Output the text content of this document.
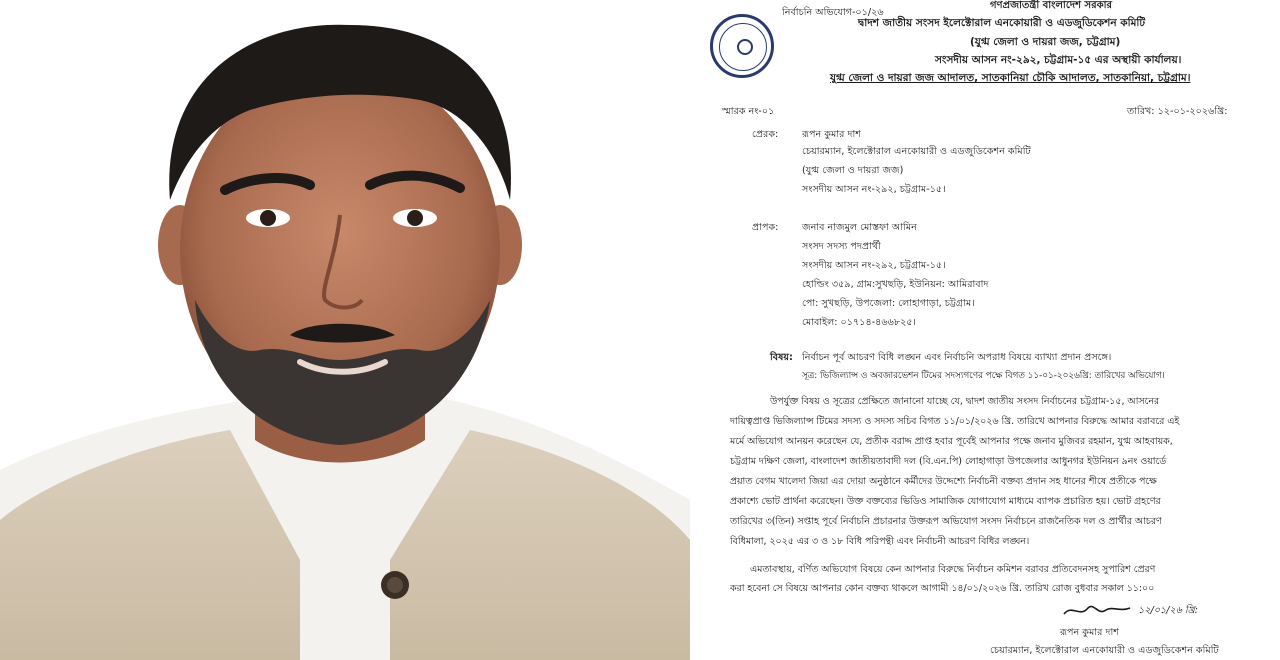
নির্বাচনি অভিযোগ-০১/২৬
গণপ্রজাতন্ত্রী বাংলাদেশ সরকার
দ্বাদশ জাতীয় সংসদ ইলেক্টোরাল এনকোয়ারী ও এডজুডিকেশন কমিটি
(যুগ্ম জেলা ও দায়রা জজ, চট্টগ্রাম)
সংসদীয় আসন নং-২৯২, চট্টগ্রাম-১৫ এর অস্থায়ী কার্যালয়।
যুগ্ম জেলা ও দায়রা জজ আদালত, সাতকানিয়া চৌকি আদালত, সাতকানিয়া, চট্টগ্রাম।
স্মারক নং-০১	তারিখ: ১২-০১-২০২৬খ্রি:
প্রেরক: রূপন কুমার দাশ
চেয়ারম্যান, ইলেক্টোরাল এনকোয়ারী ও এডজুডিকেশন কমিটি
(যুগ্ম জেলা ও দায়রা জজ)
সংসদীয় আসন নং-২৯২, চট্টগ্রাম-১৫।
প্রাপক: জনাব নাজমুল মোস্তফা আমিন
সংসদ সদস্য পদপ্রার্থী
সংসদীয় আসন নং-২৯২, চট্টগ্রাম-১৫।
হোল্ডিং ৩৫৯, গ্রাম:সুখছড়ি, ইউনিয়ন: আমিরাবাদ
পো: সুখছড়ি, উপজেলা: লোহাগাড়া, চট্টগ্রাম।
মোবাইল: ০১৭১৪-৪৬৬৮২৫।
বিষয়: নির্বাচন পূর্ব আচরণ বিধি লঙ্ঘন এবং নির্বাচনি অপরাধ বিষয়ে ব্যাখ্যা প্রদান প্রসঙ্গে।
সূত্র: ভিজিল্যান্স ও অবজারভেশন টিমের সদস্যগণের পক্ষে বিগত ১১-০১-২০২৬খ্রি: তারিখের অভিযোগ।
উপর্যুক্ত বিষয় ও সূত্রের প্রেক্ষিতে জানানো যাচ্ছে যে, দ্বাদশ জাতীয় সংসদ নির্বাচনের চট্টগ্রাম-১৫, আসনের
দায়িত্বপ্রাপ্ত ভিজিল্যান্স টিমের সদস্য ও সদস্য সচিব বিগত ১১/০১/২০২৬ খ্রি. তারিখে আপনার বিরুদ্ধে আমার বরাবরে এই
মর্মে অভিযোগ আনয়ন করেছেন যে, প্রতীক বরাদ্দ প্রাপ্ত হবার পূর্বেই আপনার পক্ষে জনাব মুজিবর রহমান, যুগ্ম আহবায়ক,
চট্টগ্রাম দক্ষিণ জেলা, বাংলাদেশ জাতীয়তাবাদী দল (বি.এন.পি) লোহাগাড়া উপজেলার আধুনগর ইউনিয়ন ৯নং ওয়ার্ডে
প্রয়াত বেগম খালেদা জিয়া এর দোয়া অনুষ্ঠানে কর্মীদের উদ্দেশ্যে নির্বাচনী বক্তব্য প্রদান সহ ধানের শীষে প্রতীকে পক্ষে
প্রকাশ্যে ভোট প্রার্থনা করেছেন। উক্ত বক্তব্যের ভিডিও সামাজিক যোগাযোগ মাধ্যমে ব্যাপক প্রচারিত হয়। ভোট গ্রহণের
তারিখের ৩(তিন) সপ্তাহ পূর্বে নির্বাচনি প্রচারনার উক্তরূপ অভিযোগ সংসদ নির্বাচনে রাজনৈতিক দল ও প্রার্থীর আচরণ
বিধিমালা, ২০২৫ এর ৩ ও ১৮ বিধি পরিপন্থী এবং নির্বাচনী আচরণ বিধির লঙ্ঘন।
এমতাবস্থায়, বর্ণিত অভিযোগ বিষয়ে কেন আপনার বিরুদ্ধে নির্বাচন কমিশন বরাবর প্রতিবেদনসহ সুপারিশ প্রেরণ
করা হবেনা সে বিষয়ে আপনার কোন বক্তব্য থাকলে আগামী ১৪/০১/২০২৬ খ্রি. তারিখ রোজ বুধবার সকাল ১১:০০
১২/০১/২৬ খ্রি:
রূপন কুমার দাশ
চেয়ারম্যান, ইলেক্টোরাল এনকোয়ারী ও এডজুডিকেশন কমিটি
